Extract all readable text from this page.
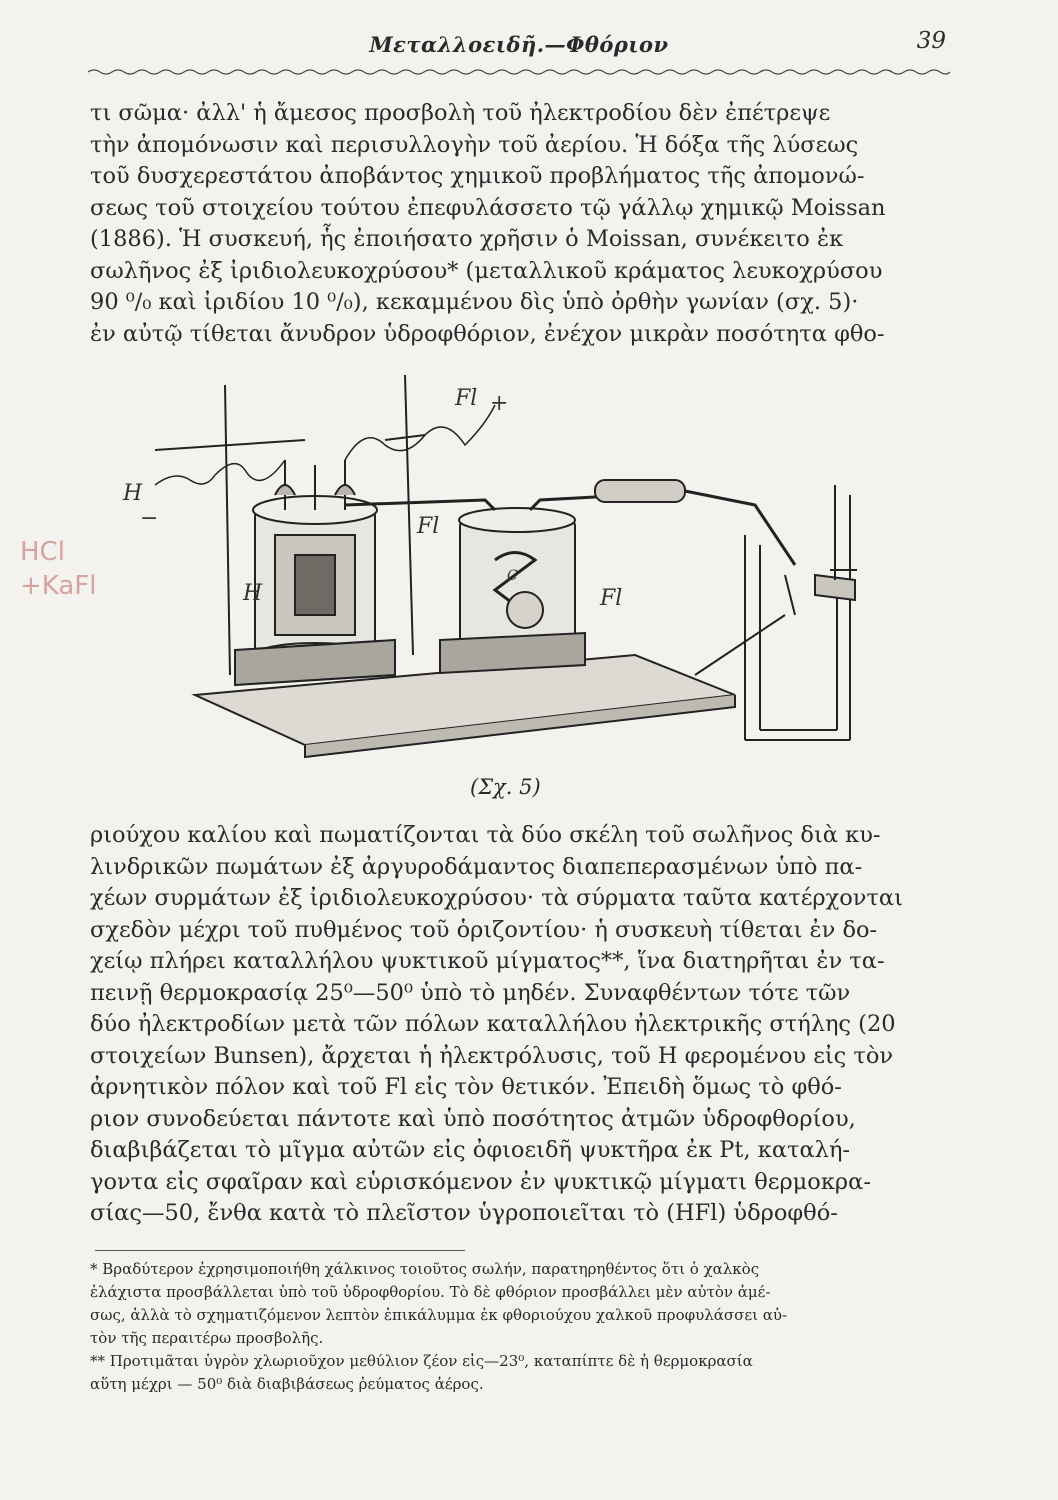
Μεταλλοειδῆ.—Φθόριον	39
τι σῶμα· ἀλλ' ἡ ἄμεσος προσβολὴ τοῦ ἠλεκτροδίου δὲν ἐπέτρεψε
τὴν ἀπομόνωσιν καὶ περισυλλογὴν τοῦ ἀερίου. Ἡ δόξα τῆς λύσεως
τοῦ δυσχερεστάτου ἀποβάντος χημικοῦ προβλήματος τῆς ἀπομονώ-
σεως τοῦ στοιχείου τούτου ἐπεφυλάσσετο τῷ γάλλῳ χημικῷ Moissan
(1886). Ἡ συσκευή, ἧς ἐποιήσατο χρῆσιν ὁ Moissan, συνέκειτο ἐκ
σωλῆνος ἐξ ἰριδιολευκοχρύσου* (μεταλλικοῦ κράματος λευκοχρύσου
90 ⁰/₀ καὶ ἰριδίου 10 ⁰/₀), κεκαμμένου δὶς ὑπὸ ὀρθὴν γωνίαν (σχ. 5)·
ἐν αὐτῷ τίθεται ἄνυδρον ὑδροφθόριον, ἐνέχον μικρὰν ποσότητα φθο-
HCl
+KaFl
Fl +
H
−	Fl
H	Fl
C
(Σχ. 5)
ριούχου καλίου καὶ πωματίζονται τὰ δύο σκέλη τοῦ σωλῆνος διὰ κυ-
λινδρικῶν πωμάτων ἐξ ἀργυροδάμαντος διαπεπερασμένων ὑπὸ πα-
χέων συρμάτων ἐξ ἰριδιολευκοχρύσου· τὰ σύρματα ταῦτα κατέρχονται
σχεδὸν μέχρι τοῦ πυθμένος τοῦ ὁριζοντίου· ἡ συσκευὴ τίθεται ἐν δο-
χείῳ πλήρει καταλλήλου ψυκτικοῦ μίγματος**, ἵνα διατηρῆται ἐν τα-
πεινῇ θερμοκρασίᾳ 25⁰—50⁰ ὑπὸ τὸ μηδέν. Συναφθέντων τότε τῶν
δύο ἠλεκτροδίων μετὰ τῶν πόλων καταλλήλου ἠλεκτρικῆς στήλης (20
στοιχείων Bunsen), ἄρχεται ἡ ἠλεκτρόλυσις, τοῦ Η φερομένου εἰς τὸν
ἀρνητικὸν πόλον καὶ τοῦ Fl εἰς τὸν θετικόν. Ἐπειδὴ ὅμως τὸ φθό-
ριον συνοδεύεται πάντοτε καὶ ὑπὸ ποσότητος ἀτμῶν ὑδροφθορίου,
διαβιβάζεται τὸ μῖγμα αὐτῶν εἰς ὀφιοειδῆ ψυκτῆρα ἐκ Pt, καταλή-
γοντα εἰς σφαῖραν καὶ εὑρισκόμενον ἐν ψυκτικῷ μίγματι θερμοκρα-
σίας—50, ἔνθα κατὰ τὸ πλεῖστον ὑγροποιεῖται τὸ (HFl) ὑδροφθό-
* Βραδύτερον ἐχρησιμοποιήθη χάλκινος τοιοῦτος σωλήν, παρατηρηθέντος ὅτι ὁ χαλκὸς
ἐλάχιστα προσβάλλεται ὑπὸ τοῦ ὑδροφθορίου. Τὸ δὲ φθόριον προσβάλλει μὲν αὐτὸν ἀμέ-
σως, ἀλλὰ τὸ σχηματιζόμενον λεπτὸν ἐπικάλυμμα ἐκ φθοριούχου χαλκοῦ προφυλάσσει αὐ-
τὸν τῆς περαιτέρω προσβολῆς.
** Προτιμᾶται ὑγρὸν χλωριοῦχον μεθύλιον ζέον εἰς—23⁰, καταπίπτε δὲ ἡ θερμοκρασία
αὕτη μέχρι — 50⁰ διὰ διαβιβάσεως ῥεύματος ἀέρος.
